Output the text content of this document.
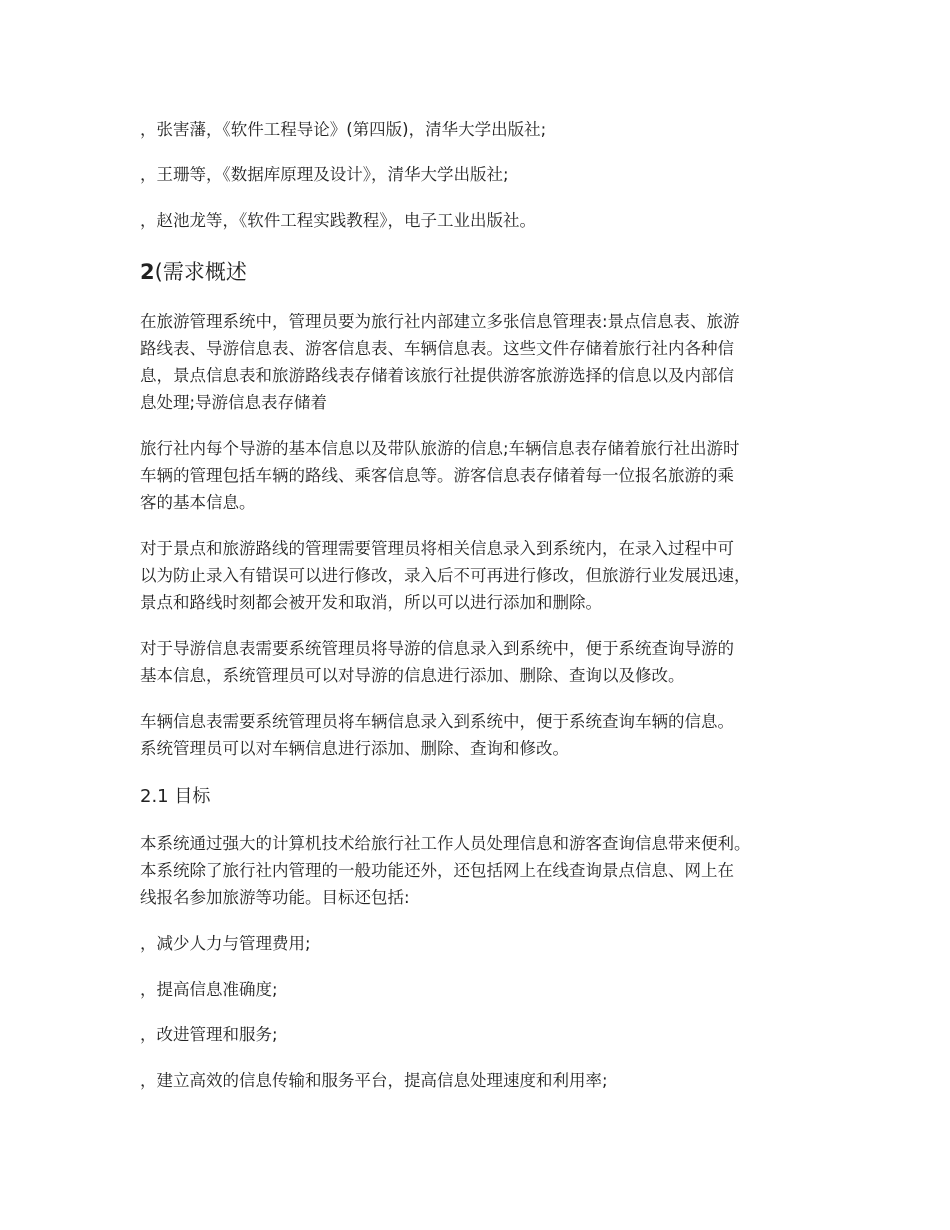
，张害藩，《软件工程导论》(第四版)，清华大学出版社;
，王珊等，《数据库原理及设计》，清华大学出版社;
，赵池龙等，《软件工程实践教程》，电子工业出版社。
2(需求概述
在旅游管理系统中，管理员要为旅行社内部建立多张信息管理表:景点信息表、旅游
路线表、导游信息表、游客信息表、车辆信息表。这些文件存储着旅行社内各种信
息，景点信息表和旅游路线表存储着该旅行社提供游客旅游选择的信息以及内部信
息处理;导游信息表存储着
旅行社内每个导游的基本信息以及带队旅游的信息;车辆信息表存储着旅行社出游时
车辆的管理包括车辆的路线、乘客信息等。游客信息表存储着每一位报名旅游的乘
客的基本信息。
对于景点和旅游路线的管理需要管理员将相关信息录入到系统内，在录入过程中可
以为防止录入有错误可以进行修改，录入后不可再进行修改，但旅游行业发展迅速，
景点和路线时刻都会被开发和取消，所以可以进行添加和删除。
对于导游信息表需要系统管理员将导游的信息录入到系统中，便于系统查询导游的
基本信息，系统管理员可以对导游的信息进行添加、删除、查询以及修改。
车辆信息表需要系统管理员将车辆信息录入到系统中，便于系统查询车辆的信息。
系统管理员可以对车辆信息进行添加、删除、查询和修改。
2.1 目标
本系统通过强大的计算机技术给旅行社工作人员处理信息和游客查询信息带来便利。
本系统除了旅行社内管理的一般功能还外，还包括网上在线查询景点信息、网上在
线报名参加旅游等功能。目标还包括:
，减少人力与管理费用;
，提高信息准确度;
，改进管理和服务;
，建立高效的信息传输和服务平台，提高信息处理速度和利用率;
